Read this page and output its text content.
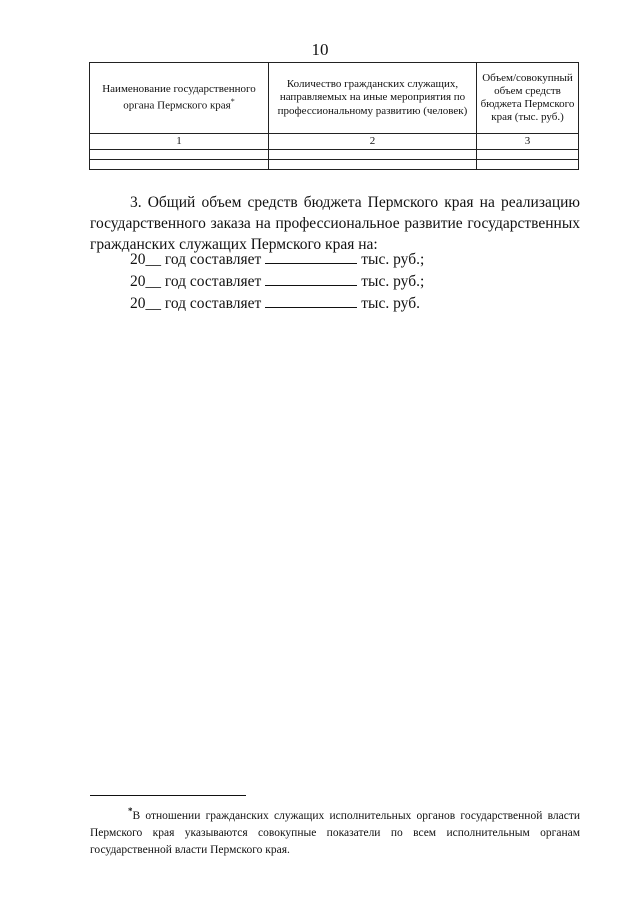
10
Наименование государственного органа Пермского края*	Количество гражданских служащих, направляемых на иные мероприятия по профессиональному развитию (человек)	Объем/совокупный объем средств бюджета Пермского края (тыс. руб.)
1	2	3

3. Общий объем средств бюджета Пермского края на реализацию государственного заказа на профессиональное развитие государственных гражданских служащих Пермского края на:

20__ год составляет	тыс. руб.;
20__ год составляет	тыс. руб.;
20__ год составляет	тыс. руб.

*В отношении гражданских служащих исполнительных органов государственной власти Пермского края указываются совокупные показатели по всем исполнительным органам государственной власти Пермского края.
